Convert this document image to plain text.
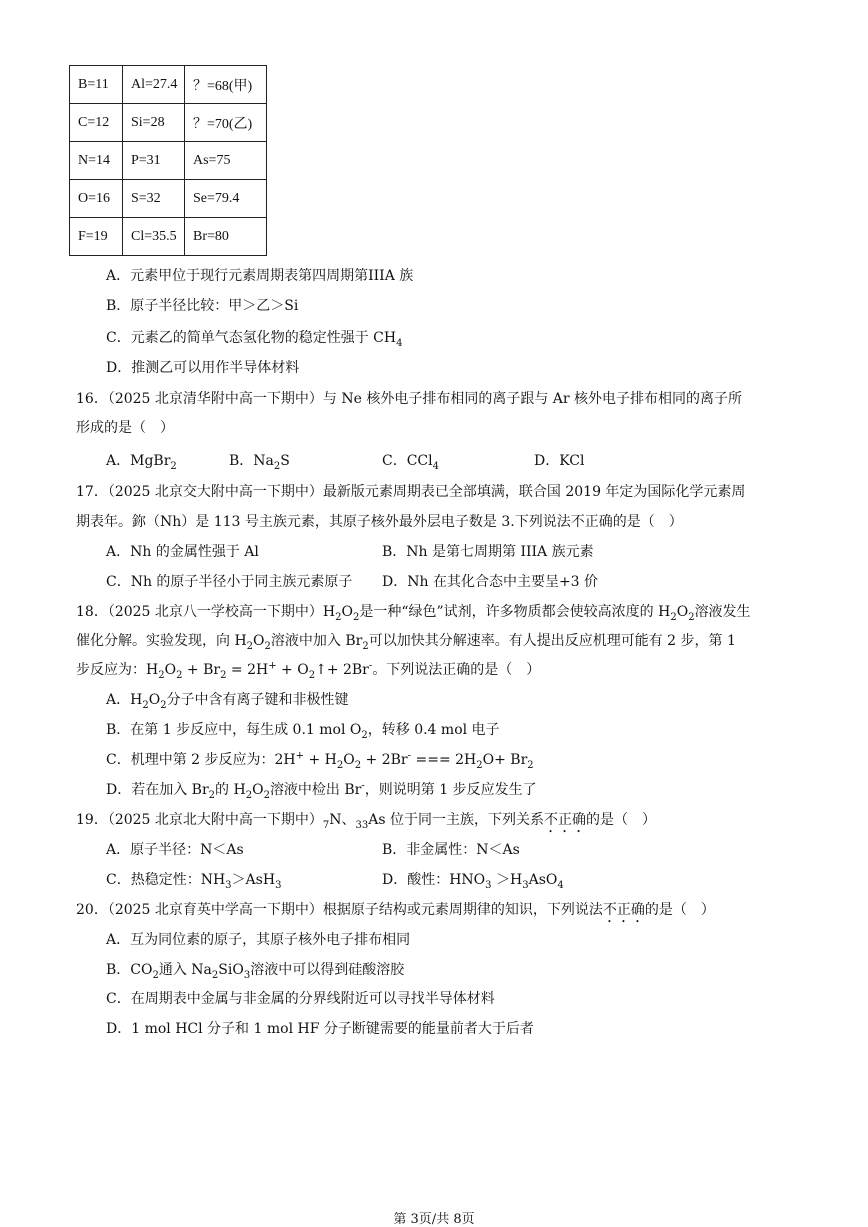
B=11	Al=27.4	？=68(甲)
C=12	Si=28	？=70(乙)
N=14	P=31	As=75
O=16	S=32	Se=79.4
F=19	Cl=35.5	Br=80
A．元素甲位于现行元素周期表第四周期第IIIA 族
B．原子半径比较：甲＞乙＞Si
C．元素乙的简单气态氢化物的稳定性强于 $CH_4$
D．推测乙可以用作半导体材料
16．（2025 北京清华附中高一下期中）与 Ne 核外电子排布相同的离子跟与 Ar 核外电子排布相同的离子所
形成的是（　）
A．MgBr$_2$	B．$Na_2S$	C．CCl$_4$	D．KCl
17．（2025 北京交大附中高一下期中）最新版元素周期表已全部填满，联合国 2019 年定为国际化学元素周
期表年。鉨（Nh）是 113 号主族元素，其原子核外最外层电子数是 3.下列说法不正确的是（　）
A．Nh 的金属性强于 Al	B．Nh 是第七周期第 IIIA 族元素
C．Nh 的原子半径小于同主族元素原子 D．Nh 在其化合态中主要呈+3 价
18．（2025 北京八一学校高一下期中）$H_2O_2$是一种“绿色”试剂，许多物质都会使较高浓度的 $H_2O_2$溶液发生
催化分解。实验发现，向 $H_2O_2$溶液中加入 $Br_2$可以加快其分解速率。有人提出反应机理可能有 2 步，第 1
步反应为：$H_2O_2 + Br_2 = 2H^+$ + $O_2↑+ 2Br^-$。下列说法正确的是（　）
A．$H_2O_2$分子中含有离子键和非极性键
B．在第 1 步反应中，每生成 0.1 mol $O_2$，转移 0.4 mol 电子
C．机理中第 2 步反应为：$2H^+ + H_2O_2 + 2Br^-$ === $2H_2O+ Br_2$
D．若在加入 $Br_2$的 $H_2O_2$溶液中检出 Br-，则说明第 1 步反应发生了
19．（2025 北京北大附中高一下期中）$_7N$、$_{33}$As 位于同一主族，下列关系不正确的是（　）
A．原子半径：N＜As	B．非金属性：N＜As
C．热稳定性：$NH_3>AsH_3$	D．酸性：$HNO_3 >H_3AsO_4$
20．（2025 北京育英中学高一下期中）根据原子结构或元素周期律的知识，下列说法不正确的是（　）
A．互为同位素的原子，其原子核外电子排布相同
B．$CO_2$通入 $Na_2SiO_3$溶液中可以得到硅酸溶胶
C．在周期表中金属与非金属的分界线附近可以寻找半导体材料
D．1 mol HCl 分子和 1 mol HF 分子断键需要的能量前者大于后者
第 3页/共 8页
